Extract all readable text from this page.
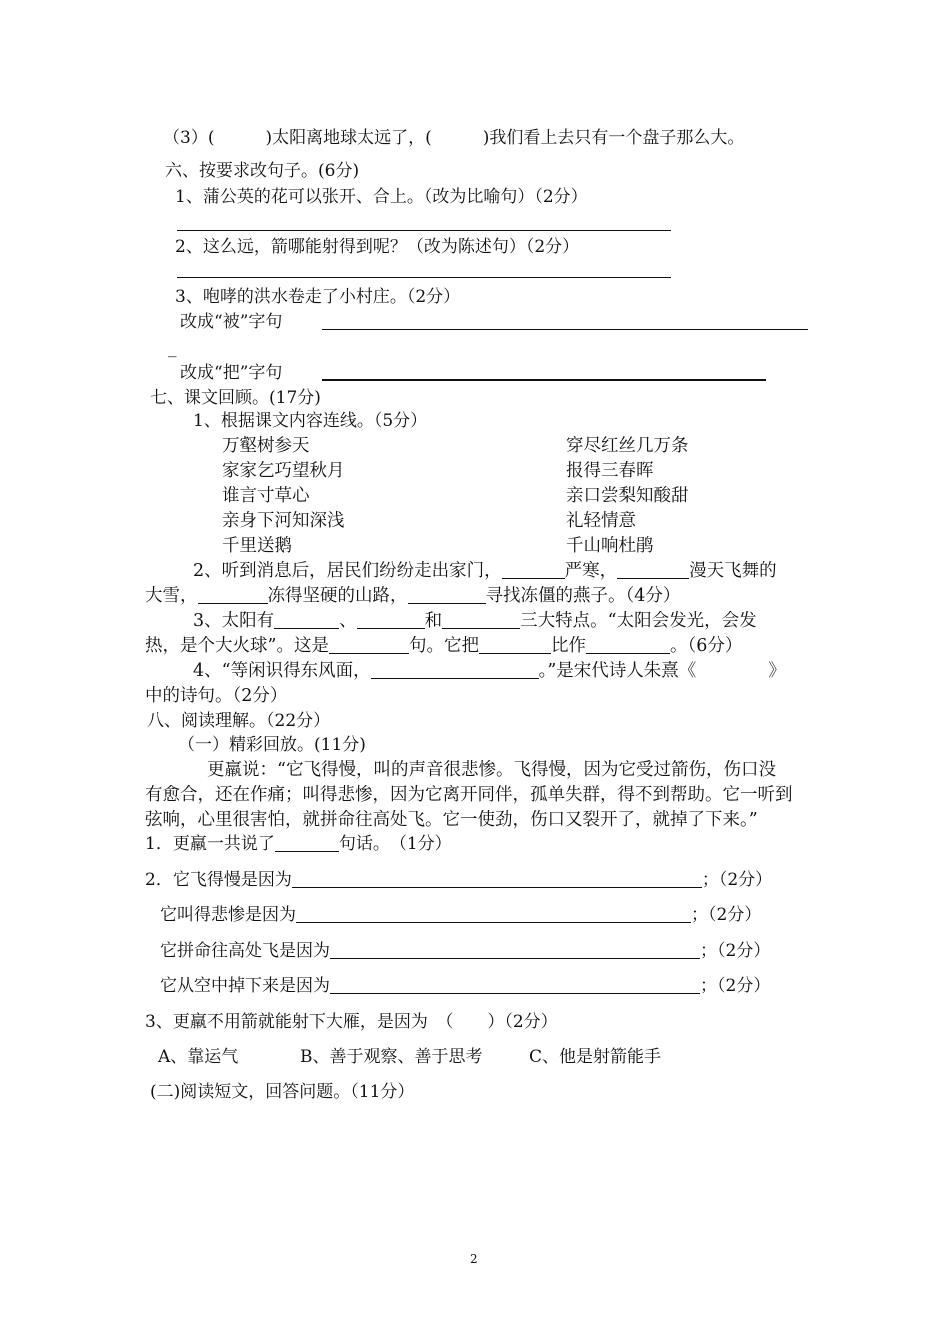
（3）(　　　)太阳离地球太远了，(　　　)我们看上去只有一个盘子那么大。
六、按要求改句子。(6分)
1、蒲公英的花可以张开、合上。（改为比喻句）（2分）
2、这么远，箭哪能射得到呢？（改为陈述句）（2分）
3、咆哮的洪水卷走了小村庄。（2分）
改成“被”字句
_
改成“把”字句
七、课文回顾。(17分)
1、根据课文内容连线。（5分）
万壑树参天
家家乞巧望秋月
谁言寸草心
亲身下河知深浅
千里送鹅
穿尽红丝几万条
报得三春晖
亲口尝梨知酸甜
礼轻情意
千山响杜鹃
2、听到消息后，居民们纷纷走出家门，	严寒，	漫天飞舞的
大雪，	冻得坚硬的山路，	寻找冻僵的燕子。（4分）
3、太阳有	、	和	三大特点。“太阳会发光，会发
热，是个大火球”。这是	句。它把	比作	。（6分）
4、“等闲识得东风面，	。”是宋代诗人朱熹《	》
中的诗句。（2分）
八、阅读理解。（22分）
（一）精彩回放。(11分)
更羸说：“它飞得慢，叫的声音很悲惨。飞得慢，因为它受过箭伤，伤口没
有愈合，还在作痛；叫得悲惨，因为它离开同伴，孤单失群，得不到帮助。它一听到
弦响，心里很害怕，就拼命往高处飞。它一使劲，伤口又裂开了，就掉了下来。”
1．更羸一共说了	句话。　（1分）
2．它飞得慢是因为	；（2分）
它叫得悲惨是因为	；（2分）
它拼命往高处飞是因为	；（2分）
它从空中掉下来是因为	；（2分）
3、更羸不用箭就能射下大雁，是因为　（　　）（2分）
A、靠运气	B、善于观察、善于思考	C、他是射箭能手
(二)阅读短文，回答问题。（11分）
2
